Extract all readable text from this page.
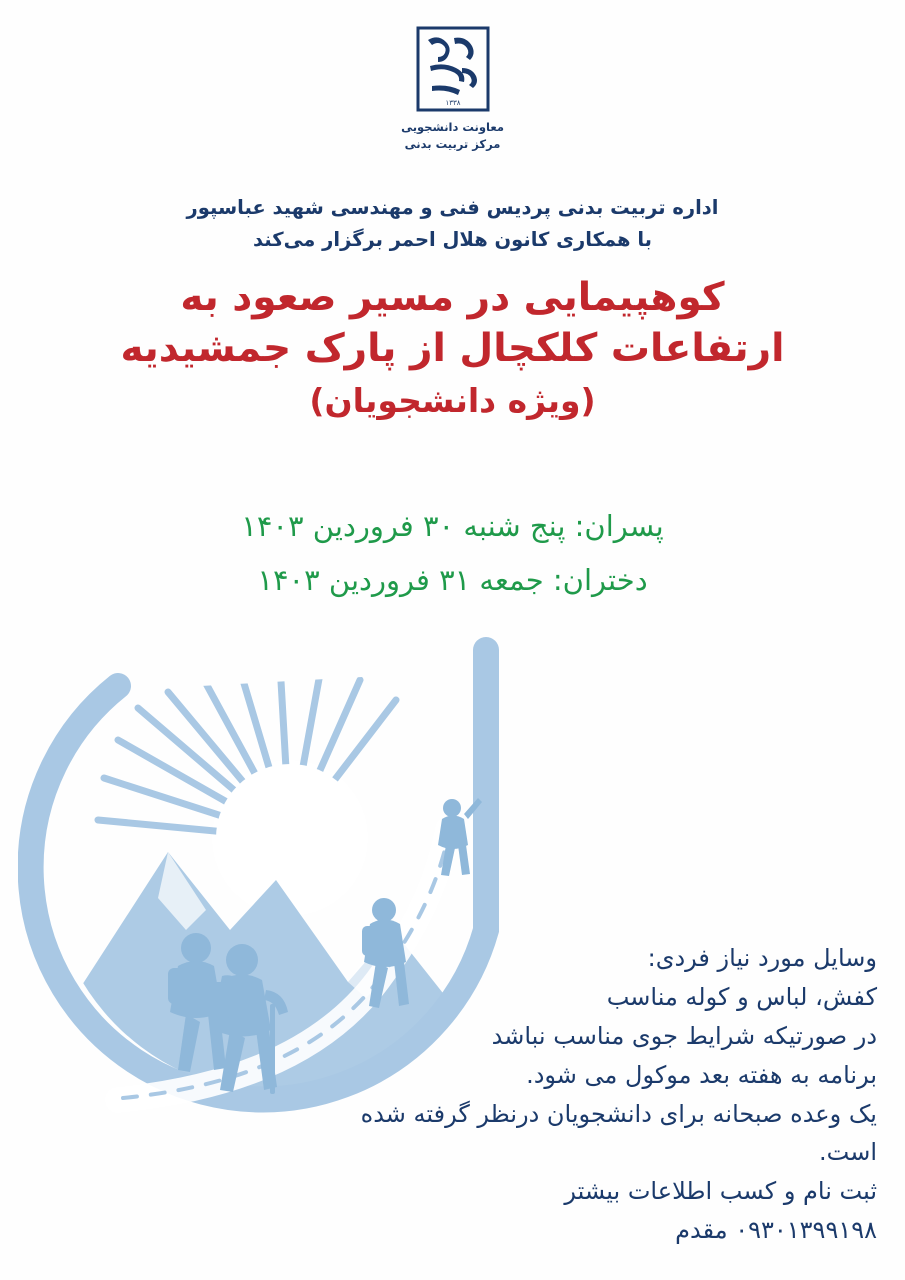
۱۳۳۸
معاونت دانشجویی
مرکز تربیت بدنی
اداره تربیت بدنی پردیس فنی و مهندسی شهید عباسپور
با همکاری کانون هلال احمر برگزار می‌کند
کوهپیمایی در مسیر صعود به
ارتفاعات کلکچال از پارک جمشیدیه
(ویژه دانشجویان)
پسران: پنج شنبه ۳۰ فروردین ۱۴۰۳
دختران: جمعه ۳۱ فروردین ۱۴۰۳
وسایل مورد نیاز فردی:
کفش، لباس و کوله مناسب
در صورتیکه شرایط جوی مناسب نباشد
برنامه به هفته بعد موکول می شود.
یک وعده صبحانه برای دانشجویان درنظر گرفته شده است.
ثبت نام و کسب اطلاعات بیشتر
۰۹۳۰۱۳۹۹۱۹۸ مقدم
